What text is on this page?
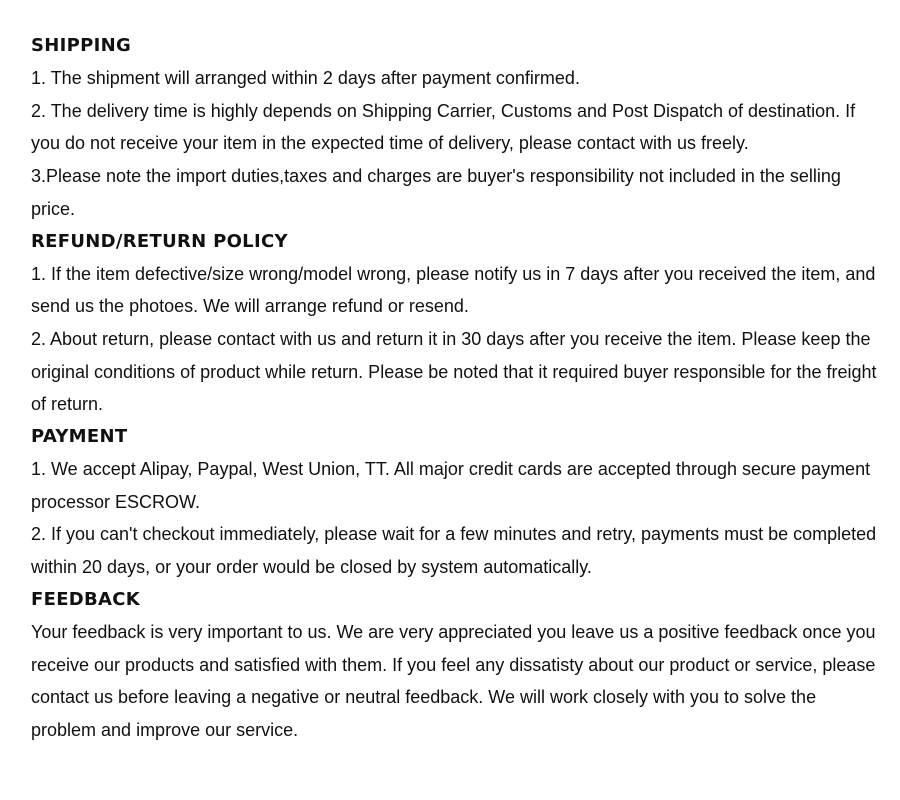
SHIPPING

1. The shipment will arranged within 2 days after payment confirmed.

2. The delivery time is highly depends on Shipping Carrier, Customs and Post Dispatch of destination. If you do not receive your item in the expected time of delivery, please contact with us freely.

3.Please note the import duties,taxes and charges are buyer's responsibility not included in the selling price.

REFUND/RETURN POLICY

1. If the item defective/size wrong/model wrong, please notify us in 7 days after you received the item, and send us the photoes. We will arrange refund or resend.

2. About return, please contact with us and return it in 30 days after you receive the item. Please keep the original conditions of product while return. Please be noted that it required buyer responsible for the freight of return.

PAYMENT

1. We accept Alipay, Paypal, West Union, TT. All major credit cards are accepted through secure payment processor ESCROW.

2. If you can't checkout immediately, please wait for a few minutes and retry, payments must be completed within 20 days, or your order would be closed by system automatically.

FEEDBACK

Your feedback is very important to us. We are very appreciated you leave us a positive feedback once you receive our products and satisfied with them. If you feel any dissatisty about our product or service, please contact us before leaving a negative or neutral feedback. We will work closely with you to solve the problem and improve our service.
